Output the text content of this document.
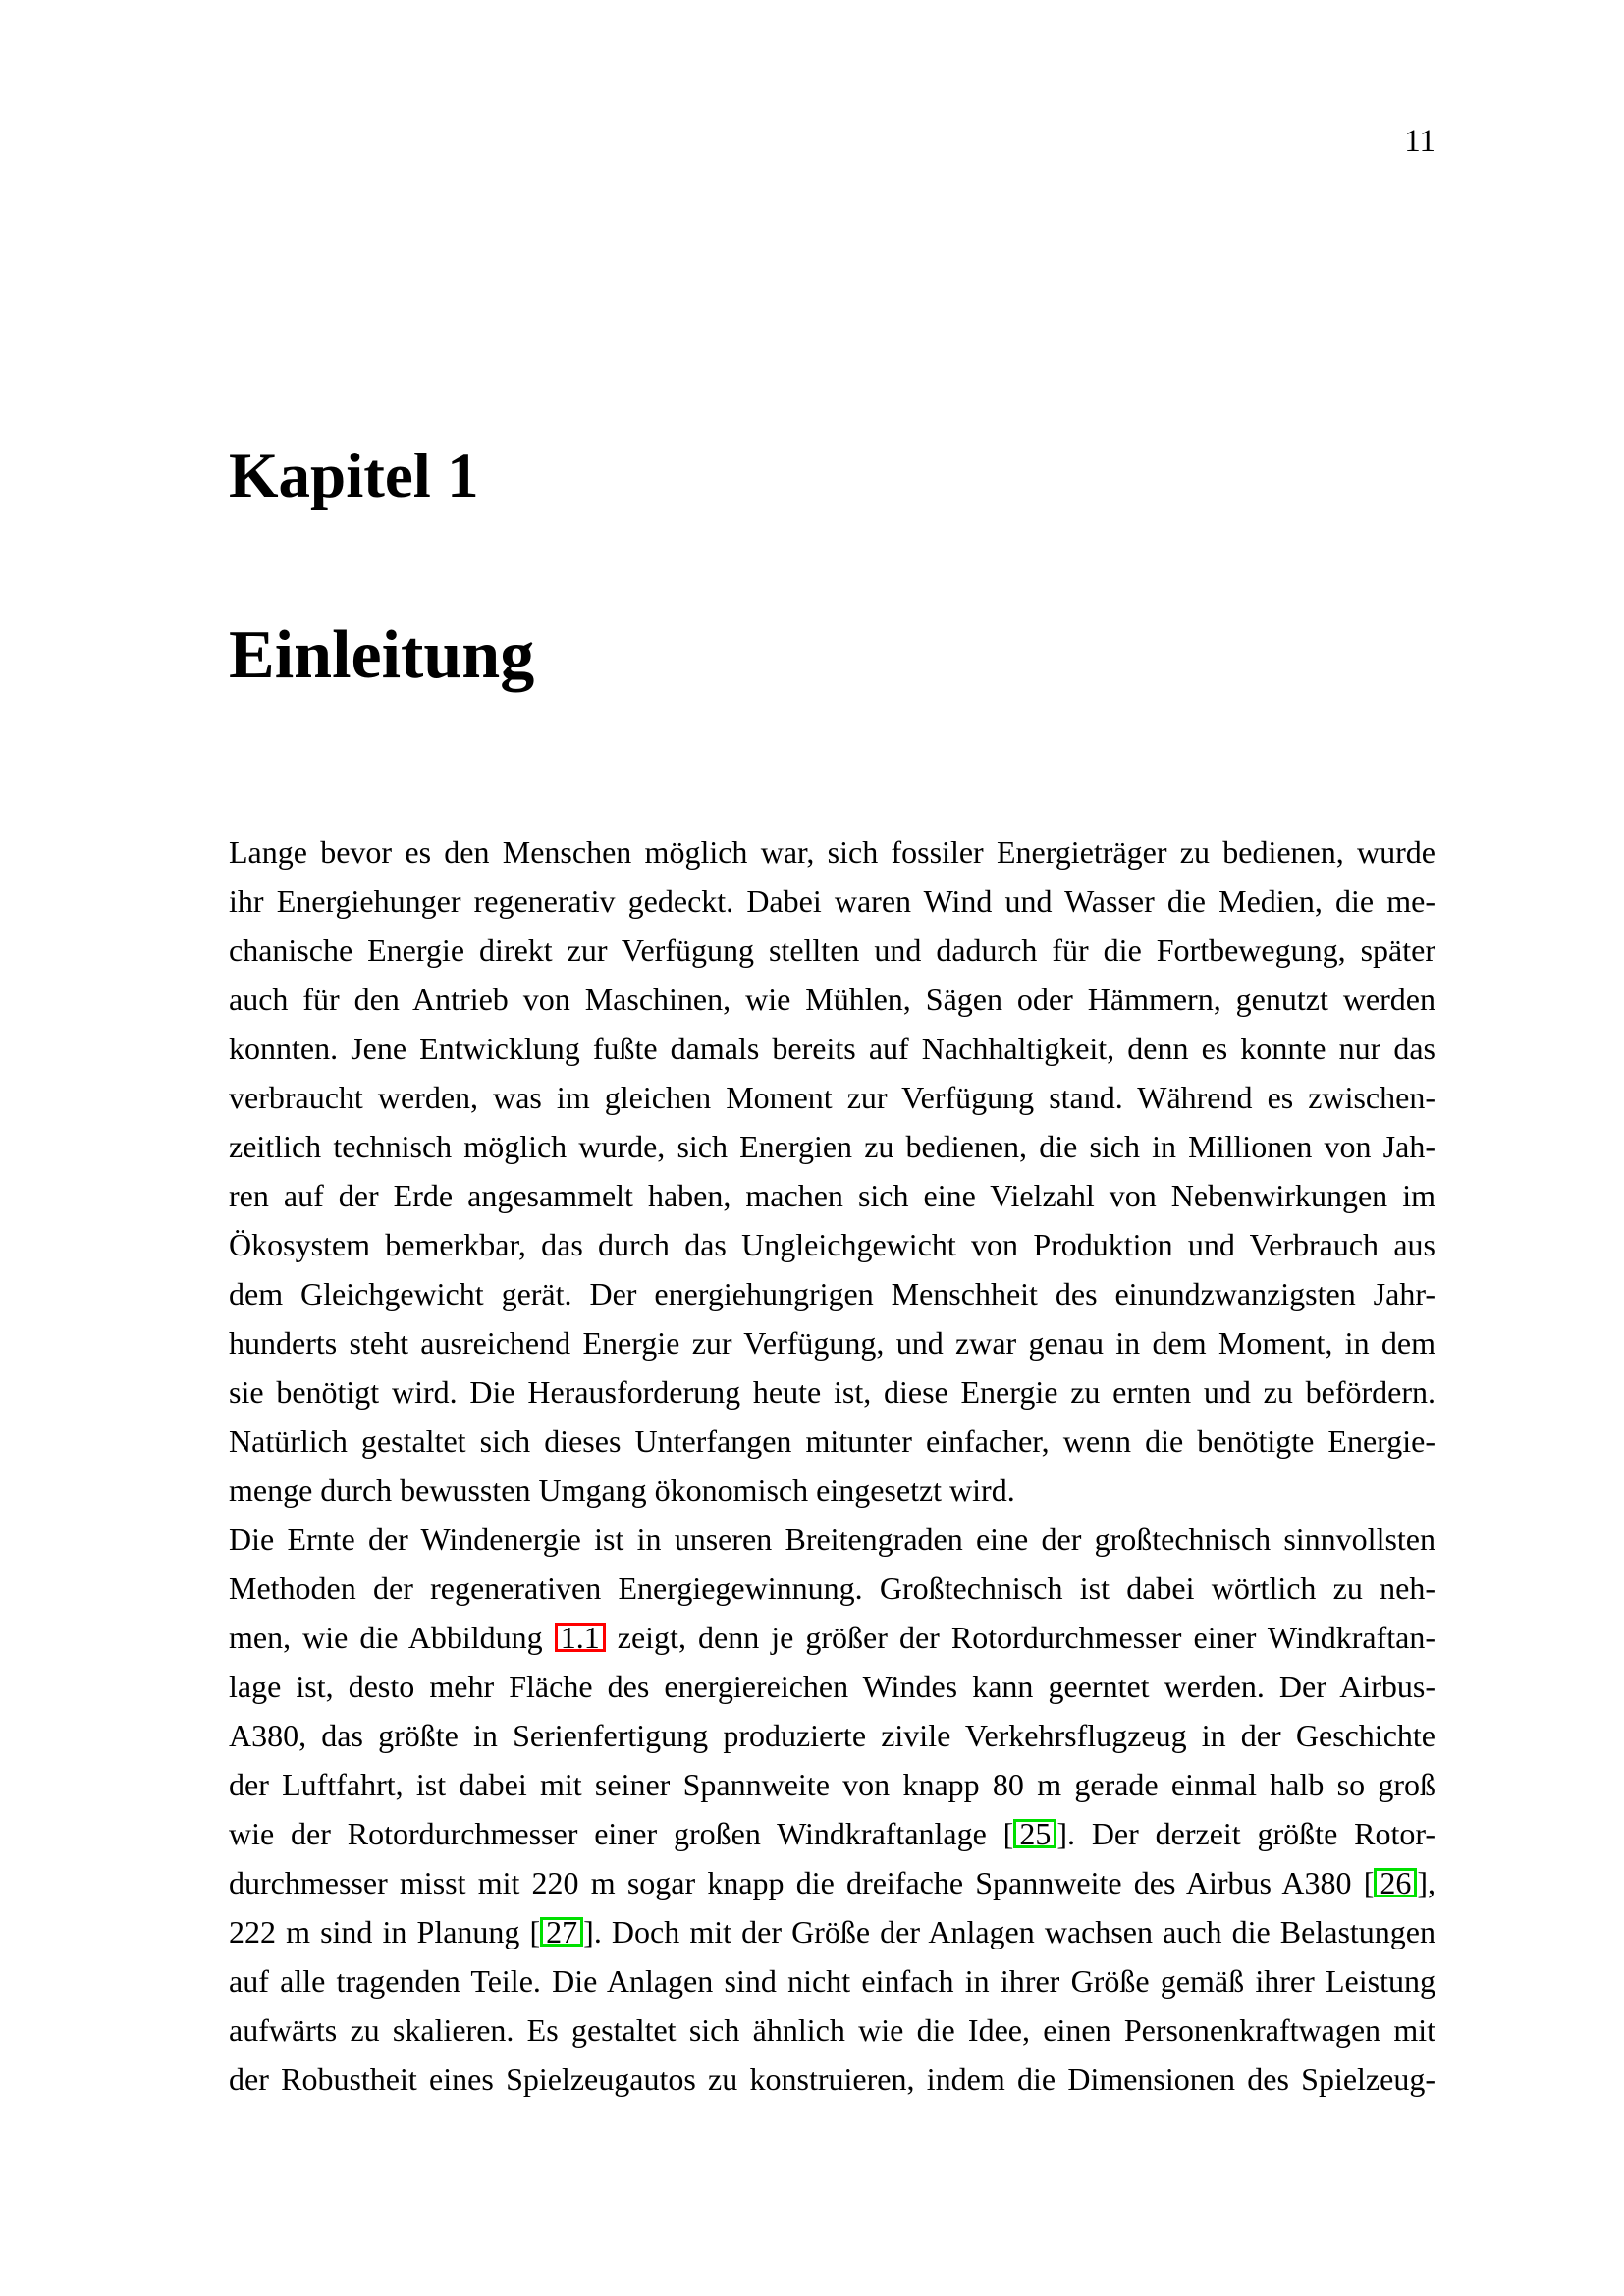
11
Kapitel 1
Einleitung
Lange bevor es den Menschen möglich war, sich fossiler Energieträger zu bedienen, wurde
ihr Energiehunger regenerativ gedeckt. Dabei waren Wind und Wasser die Medien, die me-
chanische Energie direkt zur Verfügung stellten und dadurch für die Fortbewegung, später
auch für den Antrieb von Maschinen, wie Mühlen, Sägen oder Hämmern, genutzt werden
konnten. Jene Entwicklung fußte damals bereits auf Nachhaltigkeit, denn es konnte nur das
verbraucht werden, was im gleichen Moment zur Verfügung stand. Während es zwischen-
zeitlich technisch möglich wurde, sich Energien zu bedienen, die sich in Millionen von Jah-
ren auf der Erde angesammelt haben, machen sich eine Vielzahl von Nebenwirkungen im
Ökosystem bemerkbar, das durch das Ungleichgewicht von Produktion und Verbrauch aus
dem Gleichgewicht gerät. Der energiehungrigen Menschheit des einundzwanzigsten Jahr-
hunderts steht ausreichend Energie zur Verfügung, und zwar genau in dem Moment, in dem
sie benötigt wird. Die Herausforderung heute ist, diese Energie zu ernten und zu befördern.
Natürlich gestaltet sich dieses Unterfangen mitunter einfacher, wenn die benötigte Energie-
menge durch bewussten Umgang ökonomisch eingesetzt wird.
Die Ernte der Windenergie ist in unseren Breitengraden eine der großtechnisch sinnvollsten
Methoden der regenerativen Energiegewinnung. Großtechnisch ist dabei wörtlich zu neh-
men, wie die Abbildung 1.1 zeigt, denn je größer der Rotordurchmesser einer Windkraftan-
lage ist, desto mehr Fläche des energiereichen Windes kann geerntet werden. Der Airbus-
A380, das größte in Serienfertigung produzierte zivile Verkehrsflugzeug in der Geschichte
der Luftfahrt, ist dabei mit seiner Spannweite von knapp 80 m gerade einmal halb so groß
wie der Rotordurchmesser einer großen Windkraftanlage [ 25 ]. Der derzeit größte Rotor-
durchmesser misst mit 220 m sogar knapp die dreifache Spannweite des Airbus A380 [ 26 ],
222 m sind in Planung [ 27 ]. Doch mit der Größe der Anlagen wachsen auch die Belastungen
auf alle tragenden Teile. Die Anlagen sind nicht einfach in ihrer Größe gemäß ihrer Leistung
aufwärts zu skalieren. Es gestaltet sich ähnlich wie die Idee, einen Personenkraftwagen mit
der Robustheit eines Spielzeugautos zu konstruieren, indem die Dimensionen des Spielzeug-
